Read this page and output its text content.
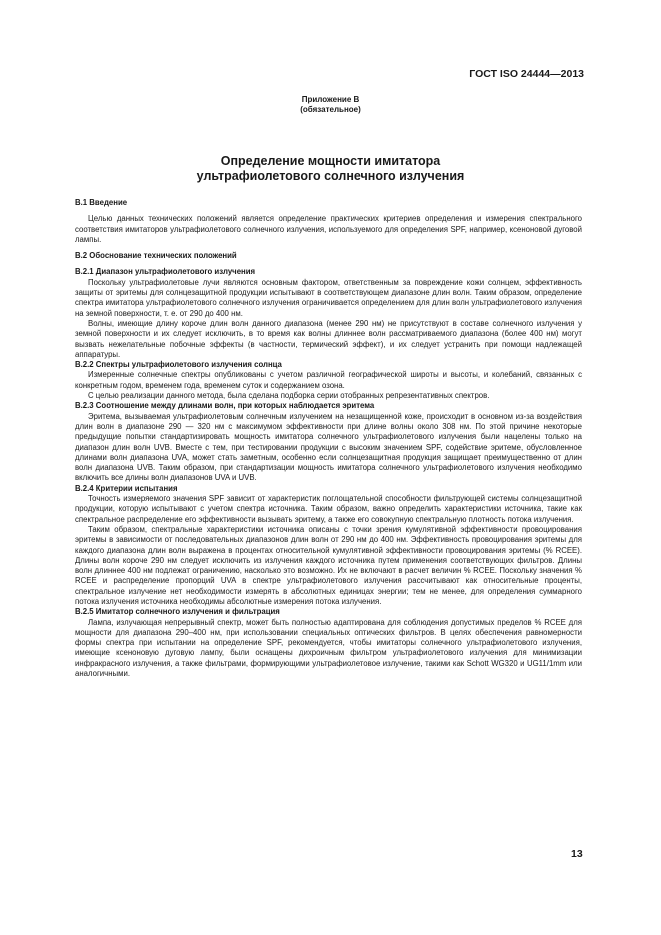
ГОСТ ISO 24444—2013
Приложение В
(обязательное)
Определение мощности имитатора
ультрафиолетового солнечного излучения

В.1 Введение

Целью данных технических положений является определение практических критериев определения и измерения спектрального соответствия имитаторов ультрафиолетового солнечного излучения, используемого для определения SPF, например, ксеноновой дуговой лампы.

В.2 Обоснование технических положений

В.2.1 Диапазон ультрафиолетового излучения

Поскольку ультрафиолетовые лучи являются основным фактором, ответственным за повреждение кожи солнцем, эффективность защиты от эритемы для солнцезащитной продукции испытывают в соответствующем диапазоне длин волн. Таким образом, определение спектра имитатора ультрафиолетового солнечного излучения ограничивается определением для длин волн ультрафиолетового излучения на земной поверхности, т. е. от 290 до 400 нм.

Волны, имеющие длину короче длин волн данного диапазона (менее 290 нм) не присутствуют в составе солнечного излучения у земной поверхности и их следует исключить, в то время как волны длиннее волн рассматриваемого диапазона (более 400 нм) могут вызвать нежелательные побочные эффекты (в частности, термический эффект), и их следует устранить при помощи надлежащей аппаратуры.

В.2.2 Спектры ультрафиолетового излучения солнца

Измеренные солнечные спектры опубликованы с учетом различной географической широты и высоты, и колебаний, связанных с конкретным годом, временем года, временем суток и содержанием озона.

С целью реализации данного метода, была сделана подборка серии отобранных репрезентативных спектров.

В.2.3 Соотношение между длинами волн, при которых наблюдается эритема

Эритема, вызываемая ультрафиолетовым солнечным излучением на незащищенной коже, происходит в основном из-за воздействия длин волн в диапазоне 290 — 320 нм с максимумом эффективности при длине волны около 308 нм. По этой причине некоторые предыдущие попытки стандартизировать мощность имитатора солнечного ультрафиолетового излучения были нацелены только на диапазон длин волн UVB. Вместе с тем, при тестировании продукции с высоким значением SPF, содействие эритеме, обусловленное длинами волн диапазона UVA, может стать заметным, особенно если солнцезащитная продукция защищает преимущественно от длин волн диапазона UVB. Таким образом, при стандартизации мощность имитатора солнечного ультрафиолетового излучения необходимо включить все длины волн диапазонов UVA и UVB.

В.2.4 Критерии испытания

Точность измеряемого значения SPF зависит от характеристик поглощательной способности фильтрующей системы солнцезащитной продукции, которую испытывают с учетом спектра источника. Таким образом, важно определить характеристики источника, такие как спектральное распределение его эффективности вызывать эритему, а также его совокупную спектральную плотность потока излучения.

Таким образом, спектральные характеристики источника описаны с точки зрения кумулятивной эффективности провоцирования эритемы в зависимости от последовательных диапазонов длин волн от 290 нм до 400 нм. Эффективность провоцирования эритемы для каждого диапазона длин волн выражена в процентах относительной кумулятивной эффективности провоцирования эритемы (% RCEE). Длины волн короче 290 нм следует исключить из излучения каждого источника путем применения соответствующих фильтров. Длины волн длиннее 400 нм подлежат ограничению, насколько это возможно. Их не включают в расчет величин % RCEE. Поскольку значения % RCEE и распределение пропорций UVA в спектре ультрафиолетового излучения рассчитывают как относительные проценты, спектральное излучение нет необходимости измерять в абсолютных единицах энергии; тем не менее, для определения суммарного потока излучения источника необходимы абсолютные измерения потока излучения.

В.2.5 Имитатор солнечного излучения и фильтрация

Лампа, излучающая непрерывный спектр, может быть полностью адаптирована для соблюдения допустимых пределов % RCEE для мощности для диапазона 290–400 нм, при использовании специальных оптических фильтров. В целях обеспечения равномерности формы спектра при испытании на определение SPF, рекомендуется, чтобы имитаторы солнечного ультрафиолетового излучения, имеющие ксеноновую дуговую лампу, были оснащены дихроичным фильтром ультрафиолетового излучения для минимизации инфракрасного излучения, а также фильтрами, формирующими ультрафиолетовое излучение, такими как Schott WG320 и UG11/1mm или аналогичными.

13
